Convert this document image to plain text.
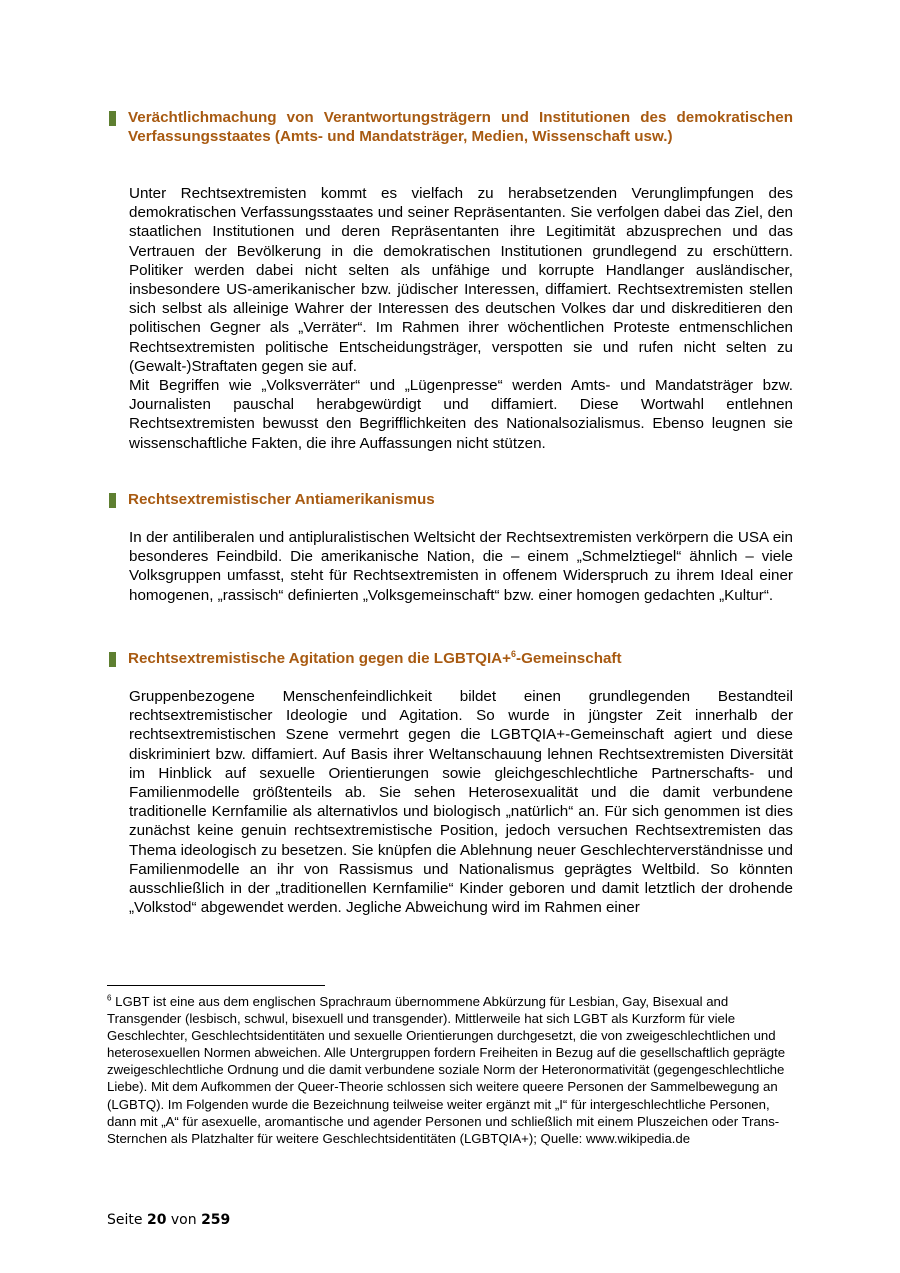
Verächtlichmachung von Verantwortungsträgern und Institutionen des demokratischen Verfassungsstaates (Amts- und Mandatsträger, Medien, Wissenschaft usw.)

Unter Rechtsextremisten kommt es vielfach zu herabsetzenden Verunglimpfungen des demokratischen Verfassungsstaates und seiner Repräsentanten. Sie verfolgen dabei das Ziel, den staatlichen Institutionen und deren Repräsentanten ihre Legitimität abzusprechen und das Vertrauen der Bevölkerung in die demokratischen Institutionen grundlegend zu erschüttern. Politiker werden dabei nicht selten als unfähige und korrupte Handlanger ausländischer, insbesondere US-amerikanischer bzw. jüdischer Interessen, diffamiert. Rechtsextremisten stellen sich selbst als alleinige Wahrer der Interessen des deutschen Volkes dar und diskreditieren den politischen Gegner als „Verräter“. Im Rahmen ihrer wöchentlichen Proteste entmenschlichen Rechtsextremisten politische Entscheidungsträger, verspotten sie und rufen nicht selten zu (Gewalt-)Straftaten gegen sie auf.

Mit Begriffen wie „Volksverräter“ und „Lügenpresse“ werden Amts- und Mandatsträger bzw. Journalisten pauschal herabgewürdigt und diffamiert. Diese Wortwahl entlehnen Rechtsextremisten bewusst den Begrifflichkeiten des Nationalsozialismus. Ebenso leugnen sie wissenschaftliche Fakten, die ihre Auffassungen nicht stützen.

Rechtsextremistischer Antiamerikanismus

In der antiliberalen und antipluralistischen Weltsicht der Rechtsextremisten verkörpern die USA ein besonderes Feindbild. Die amerikanische Nation, die – einem „Schmelztiegel“ ähnlich – viele Volksgruppen umfasst, steht für Rechtsextremisten in offenem Widerspruch zu ihrem Ideal einer homogenen, „rassisch“ definierten „Volksgemeinschaft“ bzw. einer homogen gedachten „Kultur“.

Rechtsextremistische Agitation gegen die LGBTQIA+$^6$-Gemeinschaft

Gruppenbezogene Menschenfeindlichkeit bildet einen grundlegenden Bestandteil rechtsextremistischer Ideologie und Agitation. So wurde in jüngster Zeit innerhalb der rechtsextremistischen Szene vermehrt gegen die LGBTQIA+-Gemeinschaft agiert und diese diskriminiert bzw. diffamiert. Auf Basis ihrer Weltanschauung lehnen Rechtsextremisten Diversität im Hinblick auf sexuelle Orientierungen sowie gleichgeschlechtliche Partnerschafts- und Familienmodelle größtenteils ab. Sie sehen Heterosexualität und die damit verbundene traditionelle Kernfamilie als alternativlos und biologisch „natürlich“ an. Für sich genommen ist dies zunächst keine genuin rechtsextremistische Position, jedoch versuchen Rechtsextremisten das Thema ideologisch zu besetzen. Sie knüpfen die Ablehnung neuer Geschlechterverständnisse und Familienmodelle an ihr von Rassismus und Nationalismus geprägtes Weltbild. So könnten ausschließlich in der „traditionellen Kernfamilie“ Kinder geboren und damit letztlich der drohende „Volkstod“ abgewendet werden. Jegliche Abweichung wird im Rahmen einer

$^6$ LGBT ist eine aus dem englischen Sprachraum übernommene Abkürzung für Lesbian, Gay, Bisexual and Transgender (lesbisch, schwul, bisexuell und transgender). Mittlerweile hat sich LGBT als Kurzform für viele Geschlechter, Geschlechtsidentitäten und sexuelle Orientierungen durchgesetzt, die von zweigeschlechtlichen und heterosexuellen Normen abweichen. Alle Untergruppen fordern Freiheiten in Bezug auf die gesellschaftlich geprägte zweigeschlechtliche Ordnung und die damit verbundene soziale Norm der Heteronormativität (gegengeschlechtliche Liebe). Mit dem Aufkommen der Queer-Theorie schlossen sich weitere queere Personen der Sammelbewegung an (LGBTQ). Im Folgenden wurde die Bezeichnung teilweise weiter ergänzt mit „I“ für intergeschlechtliche Personen, dann mit „A“ für asexuelle, aromantische und agender Personen und schließlich mit einem Pluszeichen oder Trans-Sternchen als Platzhalter für weitere Geschlechtsidentitäten (LGBTQIA+); Quelle: www.wikipedia.de
Seite 20 von 259
